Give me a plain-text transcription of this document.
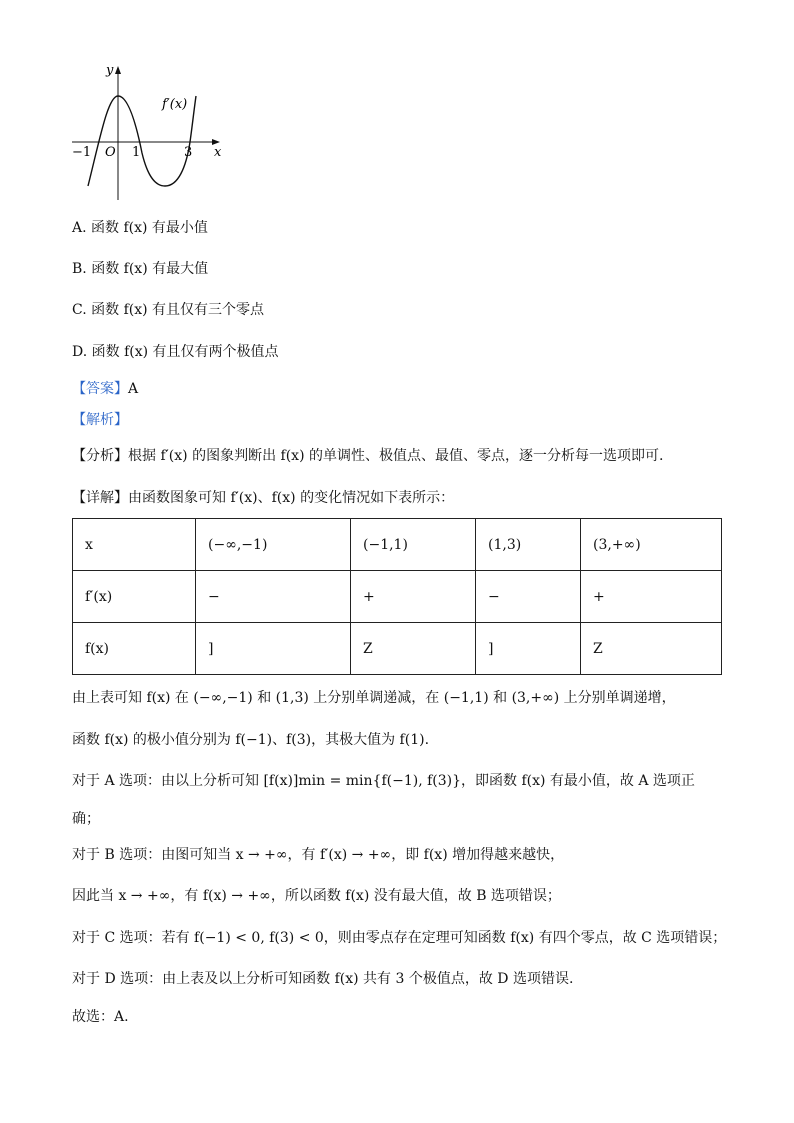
y
x
O
−1	1	3
f′(x)
A. 函数 f(x) 有最小值
B. 函数 f(x) 有最大值
C. 函数 f(x) 有且仅有三个零点
D. 函数 f(x) 有且仅有两个极值点
【答案】A
【解析】
【分析】根据 f′(x) 的图象判断出 f(x) 的单调性、极值点、最值、零点，逐一分析每一选项即可.
【详解】由函数图象可知 f′(x)、f(x) 的变化情况如下表所示：
x	(−∞,−1)	(−1,1)	(1,3)	(3,+∞)
f′(x)	−	+	−	+
f(x)	]	Z	]	Z
由上表可知 f(x) 在 (−∞,−1) 和 (1,3) 上分别单调递减，在 (−1,1) 和 (3,+∞) 上分别单调递增，
函数 f(x) 的极小值分别为 f(−1)、f(3)，其极大值为 f(1).
对于 A 选项：由以上分析可知 [f(x)]min = min{f(−1), f(3)}，即函数 f(x) 有最小值，故 A 选项正
确；
对于 B 选项：由图可知当 x → +∞，有 f′(x) → +∞，即 f(x) 增加得越来越快，
因此当 x → +∞，有 f(x) → +∞，所以函数 f(x) 没有最大值，故 B 选项错误；
对于 C 选项：若有 f(−1) < 0, f(3) < 0，则由零点存在定理可知函数 f(x) 有四个零点，故 C 选项错误；
对于 D 选项：由上表及以上分析可知函数 f(x) 共有 3 个极值点，故 D 选项错误.
故选：A.
